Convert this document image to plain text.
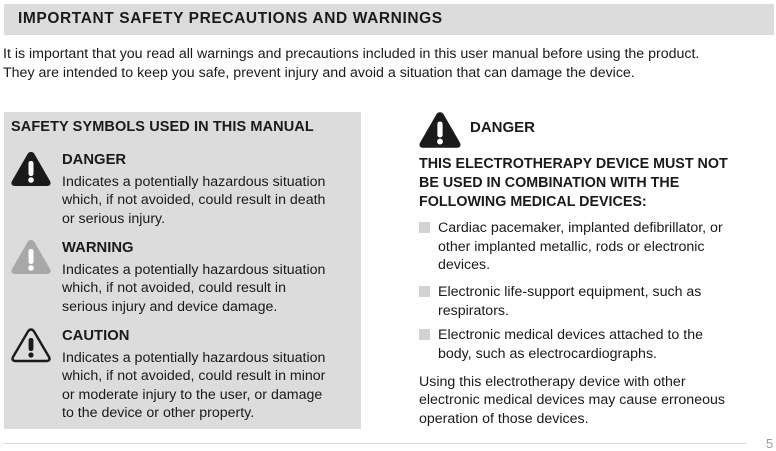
IMPORTANT SAFETY PRECAUTIONS AND WARNINGS
It is important that you read all warnings and precautions included in this user manual before using the product.
They are intended to keep you safe, prevent injury and avoid a situation that can damage the device.
SAFETY SYMBOLS USED IN THIS MANUAL
DANGER
Indicates a potentially hazardous situation
which, if not avoided, could result in death
or serious injury.
WARNING
Indicates a potentially hazardous situation
which, if not avoided, could result in
serious injury and device damage.
CAUTION
Indicates a potentially hazardous situation
which, if not avoided, could result in minor
or moderate injury to the user, or damage
to the device or other property.
DANGER
THIS ELECTROTHERAPY DEVICE MUST NOT
BE USED IN COMBINATION WITH THE
FOLLOWING MEDICAL DEVICES:
Cardiac pacemaker, implanted defibrillator, or
other implanted metallic, rods or electronic
devices.
Electronic life-support equipment, such as
respirators.
Electronic medical devices attached to the
body, such as electrocardiographs.
Using this electrotherapy device with other
electronic medical devices may cause erroneous
operation of those devices.
5
